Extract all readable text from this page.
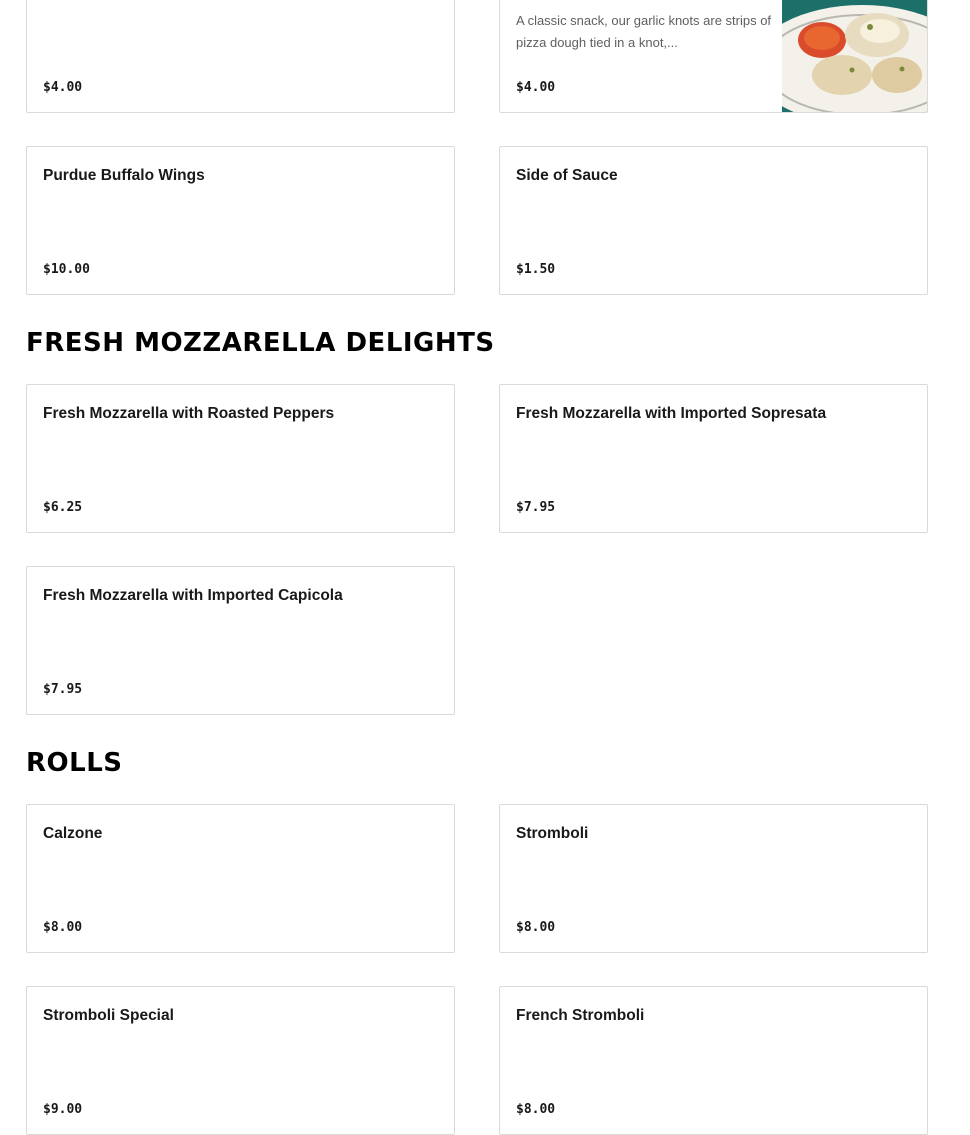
$4.00
A classic snack, our garlic knots are strips of pizza dough tied in a knot,...
$4.00
Purdue Buffalo Wings
$10.00
Side of Sauce
$1.50
FRESH MOZZARELLA DELIGHTS
Fresh Mozzarella with Roasted Peppers
$6.25
Fresh Mozzarella with Imported Sopresata
$7.95
Fresh Mozzarella with Imported Capicola
$7.95
ROLLS
Calzone
$8.00
Stromboli
$8.00
Stromboli Special
$9.00
French Stromboli
$8.00
